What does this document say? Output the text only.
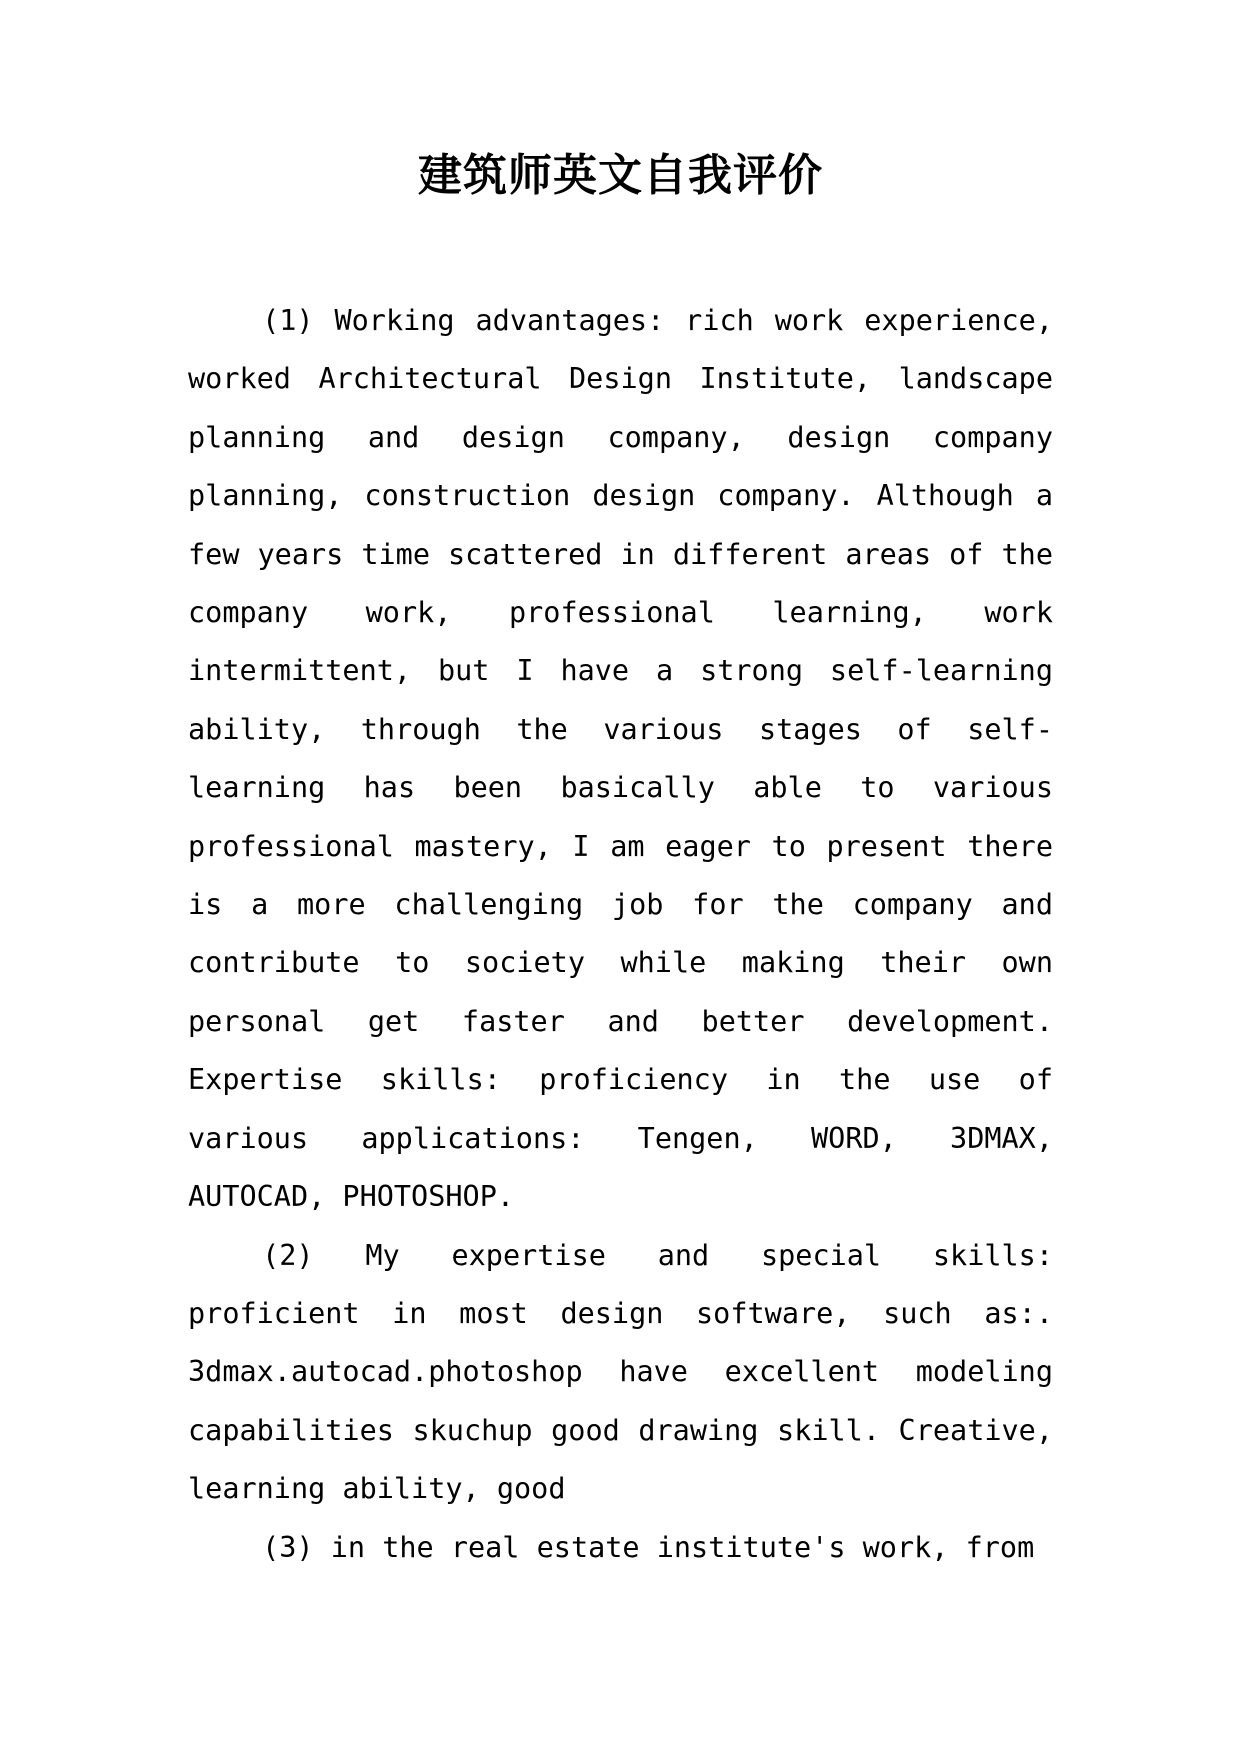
建筑师英文自我评价

(1) Working advantages: rich work experience, worked Architectural Design Institute, landscape planning and design company, design company planning, construction design company. Although a few years time scattered in different areas of the company work, professional learning, work intermittent, but I have a strong self-learning ability, through the various stages of self-learning has been basically able to various professional mastery, I am eager to present there is a more challenging job for the company and contribute to society while making their own personal get faster and better development. Expertise skills: proficiency in the use of various applications: Tengen, WORD, 3DMAX, AUTOCAD, PHOTOSHOP.

(2) My expertise and special skills: proficient in most design software, such as:. 3dmax.autocad.photoshop have excellent modeling capabilities skuchup good drawing skill. Creative, learning ability, good

(3) in the real estate institute's work, from
